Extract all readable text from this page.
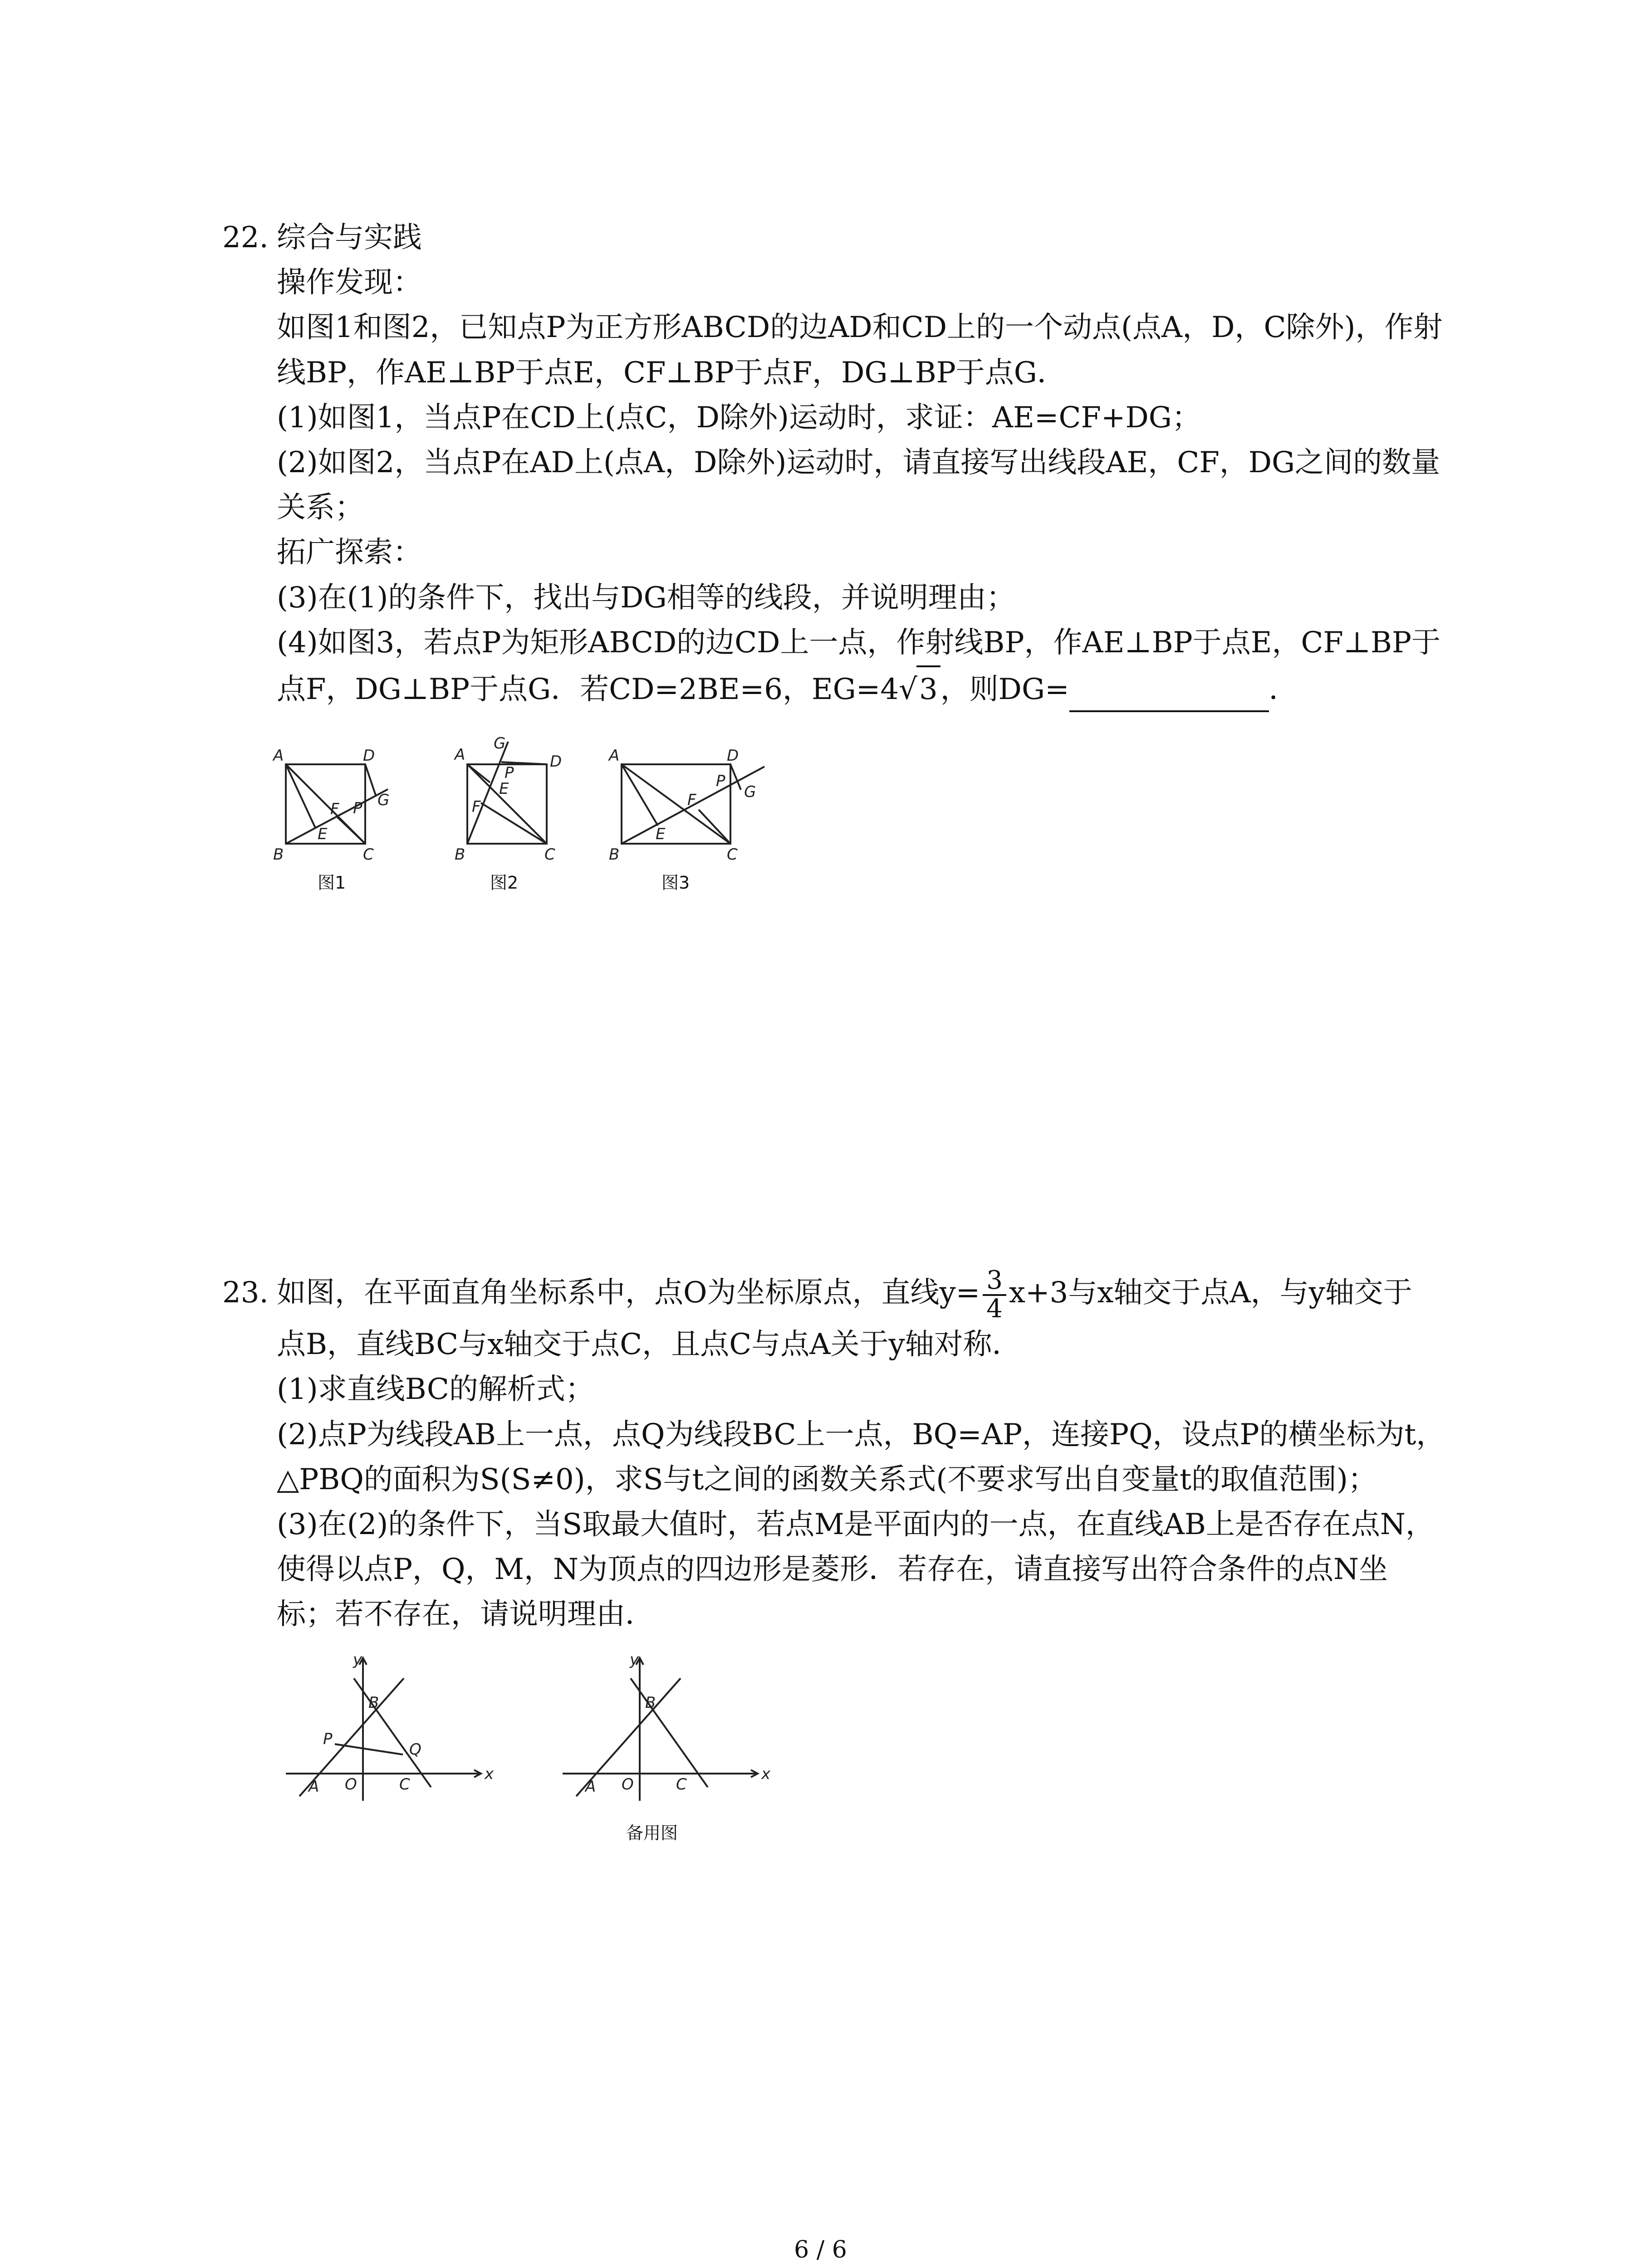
22. 综合与实践
操作发现：
如图1和图2，已知点P为正方形ABCD的边AD和CD上的一个动点(点A，D，C除外)，作射
线BP，作AE⊥BP于点E，CF⊥BP于点F，DG⊥BP于点G．
(1)如图1，当点P在CD上(点C，D除外)运动时，求证：AE=CF+DG；
(2)如图2，当点P在AD上(点A，D除外)运动时，请直接写出线段AE，CF，DG之间的数量
关系；
拓广探索：
(3)在(1)的条件下，找出与DG相等的线段，并说明理由；
(4)如图3，若点P为矩形ABCD的边CD上一点，作射线BP，作AE⊥BP于点E，CF⊥BP于
点F，DG⊥BP于点G．若CD=2BE=6，EG=4√3，则DG=	．
A	D
B	C
E
F G
P
图1
A	D
B	C
E
F
G
P
图2
A	D
B	C
E
F	G
P
图3
23. 如图，在平面直角坐标系中，点O为坐标原点，直线$y= \frac{3}{4} x+3$与x轴交于点A，与y轴交于
点B，直线BC与x轴交于点C，且点C与点A关于y轴对称．
(1)求直线BC的解析式；
(2)点P为线段AB上一点，点Q为线段BC上一点，BQ=AP，连接PQ，设点P的横坐标为t，
△PBQ的面积为S(S≠0)，求S与t之间的函数关系式(不要求写出自变量t的取值范围)；
(3)在(2)的条件下，当S取最大值时，若点M是平面内的一点，在直线AB上是否存在点N，
使得以点P，Q，M，N为顶点的四边形是菱形．若存在，请直接写出符合条件的点N坐
标；若不存在，请说明理由．
x
y
A O	C
B
P
Q
x
y
A O	C
B
备用图
6 / 6
